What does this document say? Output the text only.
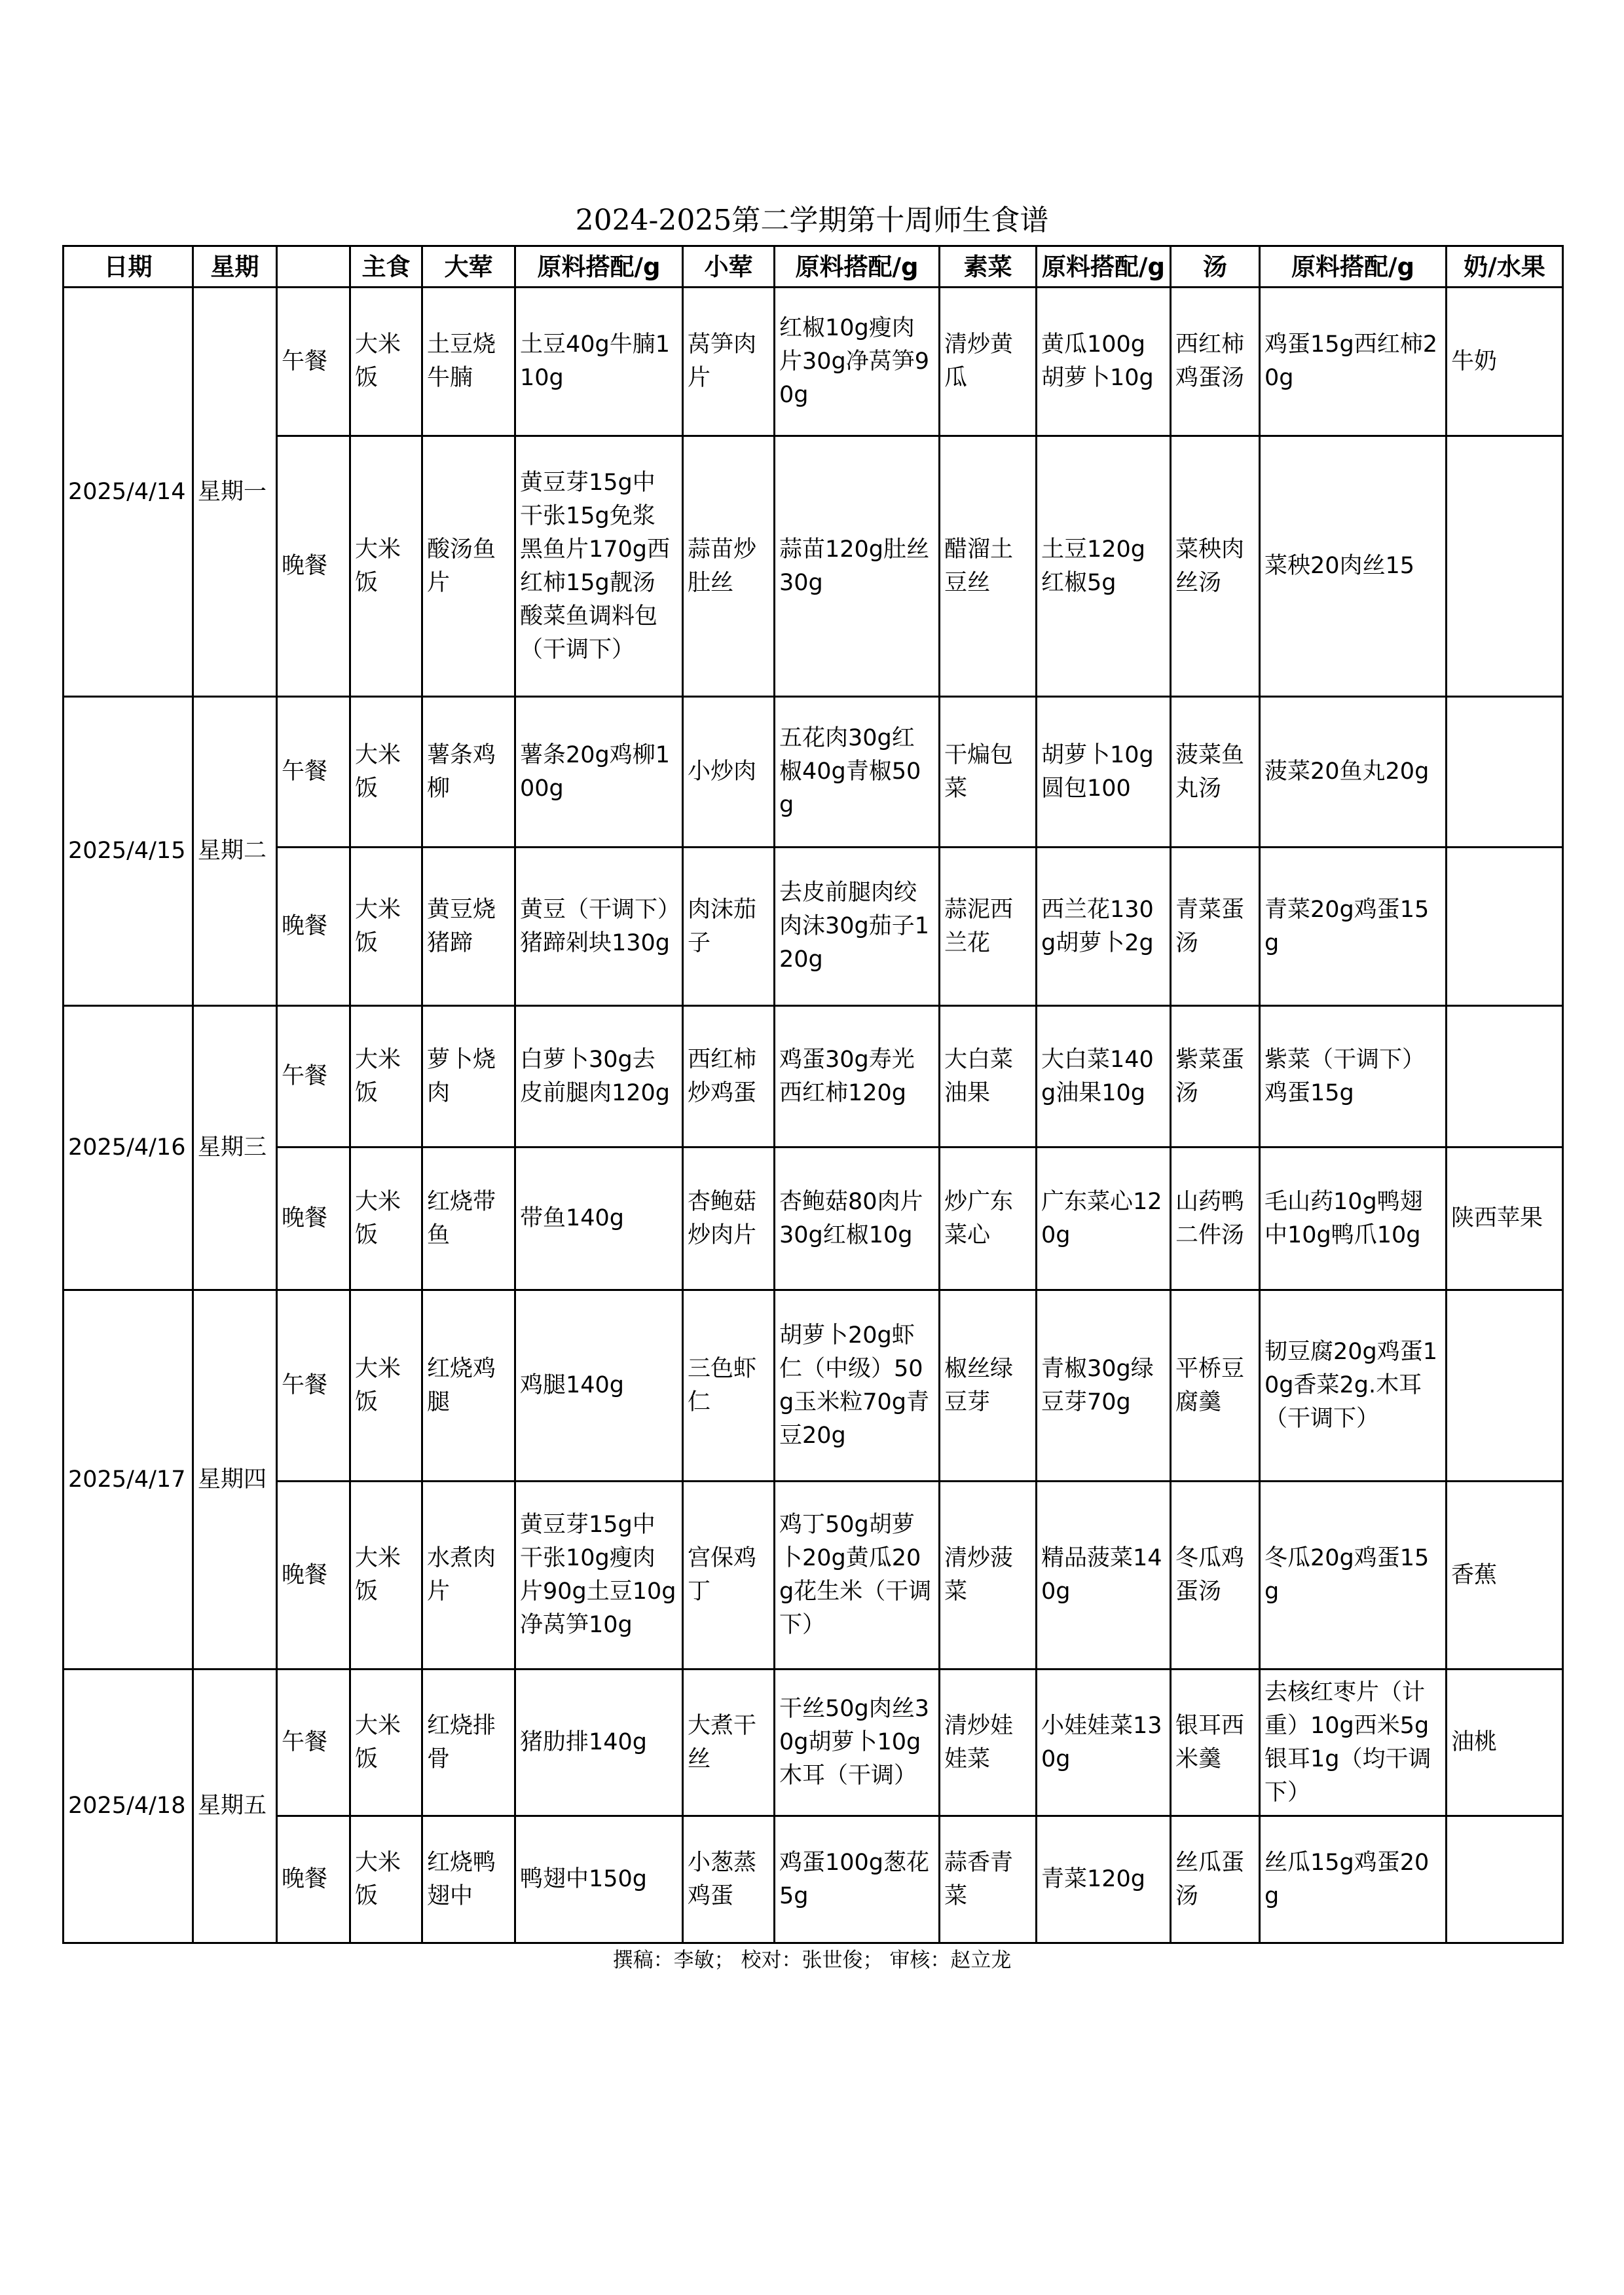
2024-2025第二学期第十周师生食谱
日期	星期		主食	大荤	原料搭配/g	小荤	原料搭配/g	素菜	原料搭配/g	汤	原料搭配/g	奶/水果
2025/4/14	星期一	午餐	大米饭	土豆烧牛腩	土豆40g牛腩110g	莴笋肉片	红椒10g瘦肉片30g净莴笋90g	清炒黄瓜	黄瓜100g胡萝卜10g	西红柿鸡蛋汤	鸡蛋15g西红柿20g	牛奶
		晚餐	大米饭	酸汤鱼片	黄豆芽15g中干张15g免浆黑鱼片170g西红柿15g靓汤酸菜鱼调料包（干调下）	蒜苗炒肚丝	蒜苗120g肚丝30g	醋溜土豆丝	土豆120g红椒5g	菜秧肉丝汤	菜秧20肉丝15	
2025/4/15	星期二	午餐	大米饭	薯条鸡柳	薯条20g鸡柳100g	小炒肉	五花肉30g红椒40g青椒50g	干煸包菜	胡萝卜10g圆包100	菠菜鱼丸汤	菠菜20鱼丸20g	
		晚餐	大米饭	黄豆烧猪蹄	黄豆（干调下）猪蹄剁块130g	肉沫茄子	去皮前腿肉绞肉沫30g茄子120g	蒜泥西兰花	西兰花130g胡萝卜2g	青菜蛋汤	青菜20g鸡蛋15g	
2025/4/16	星期三	午餐	大米饭	萝卜烧肉	白萝卜30g去皮前腿肉120g	西红柿炒鸡蛋	鸡蛋30g寿光西红柿120g	大白菜油果	大白菜140g油果10g	紫菜蛋汤	紫菜（干调下）鸡蛋15g	
		晚餐	大米饭	红烧带鱼	带鱼140g	杏鲍菇炒肉片	杏鲍菇80肉片30g红椒10g	炒广东菜心	广东菜心120g	山药鸭二件汤	毛山药10g鸭翅中10g鸭爪10g	陕西苹果
2025/4/17	星期四	午餐	大米饭	红烧鸡腿	鸡腿140g	三色虾仁	胡萝卜20g虾仁（中级）50g玉米粒70g青豆20g	椒丝绿豆芽	青椒30g绿豆芽70g	平桥豆腐羹	韧豆腐20g鸡蛋10g香菜2g.木耳（干调下）	
		晚餐	大米饭	水煮肉片	黄豆芽15g中干张10g瘦肉片90g土豆10g净莴笋10g	宫保鸡丁	鸡丁50g胡萝卜20g黄瓜20g花生米（干调下）	清炒菠菜	精品菠菜140g	冬瓜鸡蛋汤	冬瓜20g鸡蛋15g	香蕉
2025/4/18	星期五	午餐	大米饭	红烧排骨	猪肋排140g	大煮干丝	干丝50g肉丝30g胡萝卜10g木耳（干调）	清炒娃娃菜	小娃娃菜130g	银耳西米羹	去核红枣片（计重）10g西米5g银耳1g（均干调下）	油桃
		晚餐	大米饭	红烧鸭翅中	鸭翅中150g	小葱蒸鸡蛋	鸡蛋100g葱花5g	蒜香青菜	青菜120g	丝瓜蛋汤	丝瓜15g鸡蛋20g	
撰稿：李敏； 校对：张世俊； 审核：赵立龙
